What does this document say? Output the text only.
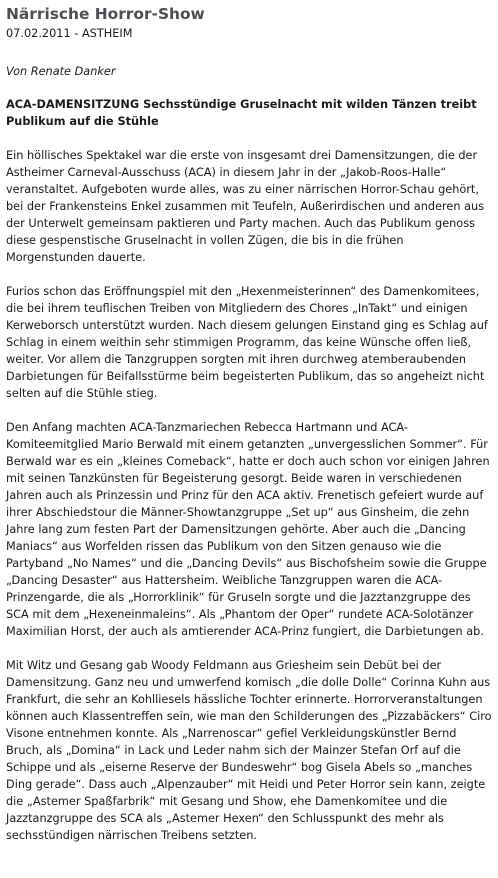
Närrische Horror-Show
07.02.2011 - ASTHEIM
Von Renate Danker
ACA-DAMENSITZUNG Sechsstündige Gruselnacht mit wilden Tänzen treibt Publikum auf die Stühle

Ein höllisches Spektakel war die erste von insgesamt drei Damensitzungen, die der Astheimer Carneval-Ausschuss (ACA) in diesem Jahr in der „Jakob-Roos-Halle“ veranstaltet. Aufgeboten wurde alles, was zu einer närrischen Horror-Schau gehört, bei der Frankensteins Enkel zusammen mit Teufeln, Außerirdischen und anderen aus der Unterwelt gemeinsam paktieren und Party machen. Auch das Publikum genoss diese gespenstische Gruselnacht in vollen Zügen, die bis in die frühen Morgenstunden dauerte.

Furios schon das Eröffnungspiel mit den „Hexenmeisterinnen“ des Damenkomitees, die bei ihrem teuflischen Treiben von Mitgliedern des Chores „InTakt“ und einigen Kerweborsch unterstützt wurden. Nach diesem gelungen Einstand ging es Schlag auf Schlag in einem weithin sehr stimmigen Programm, das keine Wünsche offen ließ, weiter. Vor allem die Tanzgruppen sorgten mit ihren durchweg atemberaubenden Darbietungen für Beifallsstürme beim begeisterten Publikum, das so angeheizt nicht selten auf die Stühle stieg.

Den Anfang machten ACA-Tanzmariechen Rebecca Hartmann und ACA-Komiteemitglied Mario Berwald mit einem getanzten „unvergesslichen Sommer“. Für Berwald war es ein „kleines Comeback“, hatte er doch auch schon vor einigen Jahren mit seinen Tanzkünsten für Begeisterung gesorgt. Beide waren in verschiedenen Jahren auch als Prinzessin und Prinz für den ACA aktiv. Frenetisch gefeiert wurde auf ihrer Abschiedstour die Männer-Showtanzgruppe „Set up“ aus Ginsheim, die zehn Jahre lang zum festen Part der Damensitzungen gehörte. Aber auch die „Dancing Maniacs“ aus Worfelden rissen das Publikum von den Sitzen genauso wie die Partyband „No Names“ und die „Dancing Devils“ aus Bischofsheim sowie die Gruppe „Dancing Desaster“ aus Hattersheim. Weibliche Tanzgruppen waren die ACA-Prinzengarde, die als „Horrorklinik“ für Gruseln sorgte und die Jazztanzgruppe des SCA mit dem „Hexeneinmaleins“. Als „Phantom der Oper“ rundete ACA-Solotänzer Maximilian Horst, der auch als amtierender ACA-Prinz fungiert, die Darbietungen ab.

Mit Witz und Gesang gab Woody Feldmann aus Griesheim sein Debüt bei der Damensitzung. Ganz neu und umwerfend komisch „die dolle Dolle“ Corinna Kuhn aus Frankfurt, die sehr an Kohlliesels hässliche Tochter erinnerte. Horrorveranstaltungen können auch Klassentreffen sein, wie man den Schilderungen des „Pizzabäckers“ Ciro Visone entnehmen konnte. Als „Narrenoscar“ gefiel Verkleidungskünstler Bernd Bruch, als „Domina“ in Lack und Leder nahm sich der Mainzer Stefan Orf auf die Schippe und als „eiserne Reserve der Bundeswehr“ bog Gisela Abels so „manches Ding gerade“. Dass auch „Alpenzauber“ mit Heidi und Peter Horror sein kann, zeigte die „Astemer Spaßfarbrik“ mit Gesang und Show, ehe Damenkomitee und die Jazztanzgruppe des SCA als „Astemer Hexen“ den Schlusspunkt des mehr als sechsstündigen närrischen Treibens setzten.
